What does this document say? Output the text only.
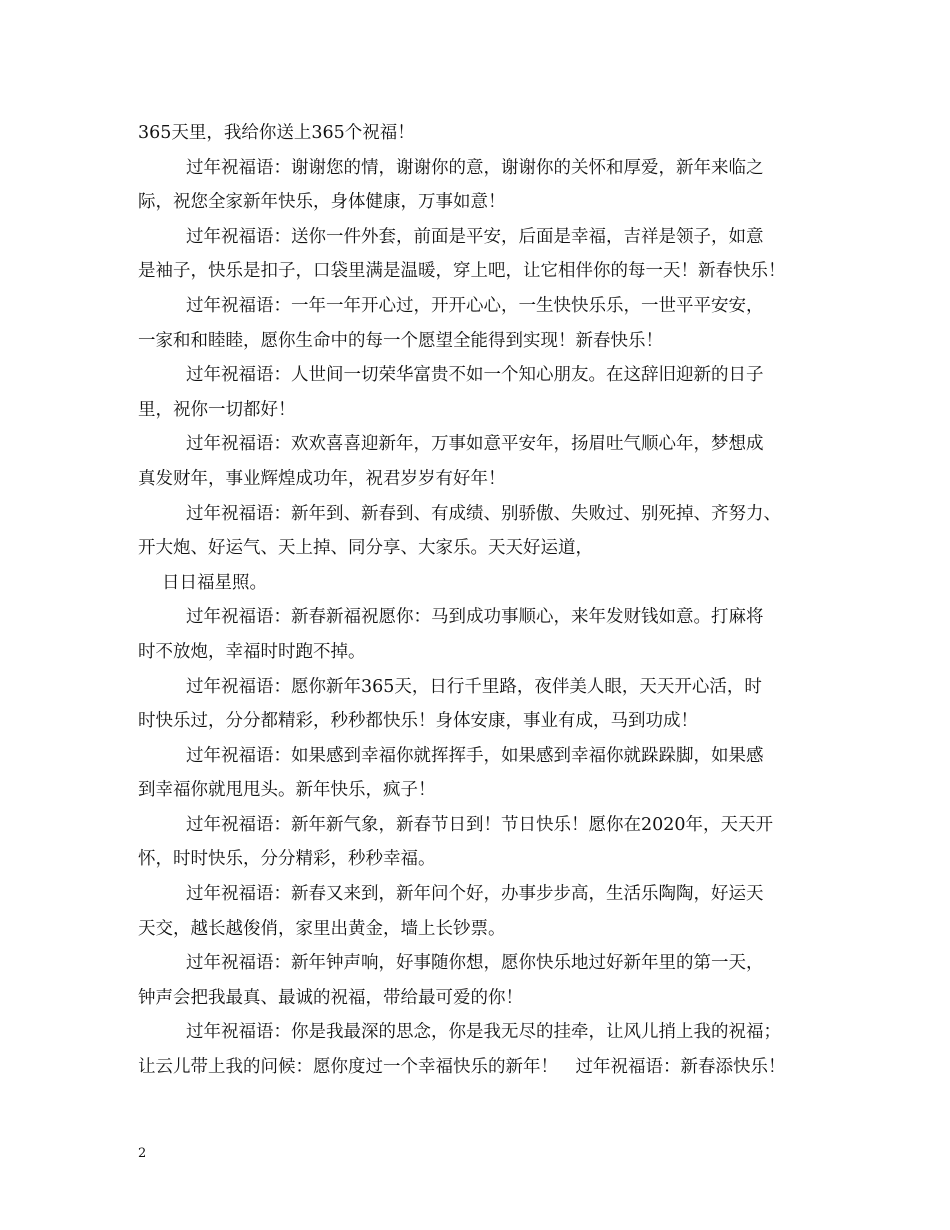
365天里，我给你送上365个祝福！
过年祝福语：谢谢您的情，谢谢你的意，谢谢你的关怀和厚爱，新年来临之
际，祝您全家新年快乐，身体健康，万事如意！
过年祝福语：送你一件外套，前面是平安，后面是幸福，吉祥是领子，如意
是袖子，快乐是扣子，口袋里满是温暖，穿上吧，让它相伴你的每一天！新春快乐！
过年祝福语：一年一年开心过，开开心心，一生快快乐乐，一世平平安安，
一家和和睦睦，愿你生命中的每一个愿望全能得到实现！新春快乐！
过年祝福语：人世间一切荣华富贵不如一个知心朋友。在这辞旧迎新的日子
里，祝你一切都好！
过年祝福语：欢欢喜喜迎新年，万事如意平安年，扬眉吐气顺心年，梦想成
真发财年，事业辉煌成功年，祝君岁岁有好年！
过年祝福语：新年到、新春到、有成绩、别骄傲、失败过、别死掉、齐努力、
开大炮、好运气、天上掉、同分享、大家乐。天天好运道，
日日福星照。
过年祝福语：新春新福祝愿你：马到成功事顺心，来年发财钱如意。打麻将
时不放炮，幸福时时跑不掉。
过年祝福语：愿你新年365天，日行千里路，夜伴美人眼，天天开心活，时
时快乐过，分分都精彩，秒秒都快乐！身体安康，事业有成，马到功成！
过年祝福语：如果感到幸福你就挥挥手，如果感到幸福你就跺跺脚，如果感
到幸福你就甩甩头。新年快乐，疯子！
过年祝福语：新年新气象，新春节日到！节日快乐！愿你在2020年，天天开
怀，时时快乐，分分精彩，秒秒幸福。
过年祝福语：新春又来到，新年问个好，办事步步高，生活乐陶陶，好运天
天交，越长越俊俏，家里出黄金，墙上长钞票。
过年祝福语：新年钟声响，好事随你想，愿你快乐地过好新年里的第一天，
钟声会把我最真、最诚的祝福，带给最可爱的你！
过年祝福语：你是我最深的思念，你是我无尽的挂牵，让风儿捎上我的祝福；
让云儿带上我的问候：愿你度过一个幸福快乐的新年！　过年祝福语：新春添快乐！
2
